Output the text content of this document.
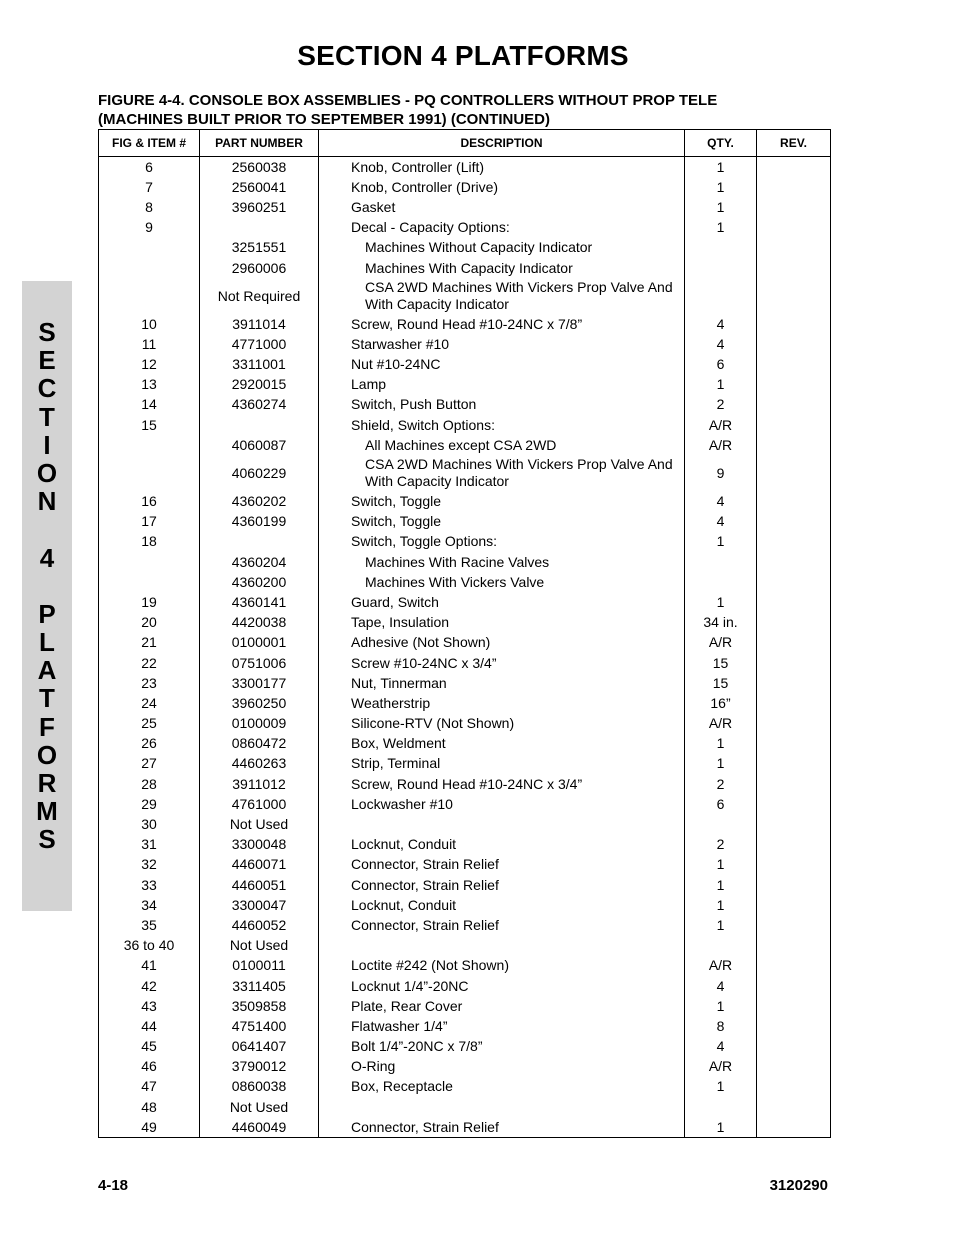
SECTION 4 PLATFORMS
FIGURE 4-4. CONSOLE BOX ASSEMBLIES - PQ CONTROLLERS WITHOUT PROP TELE
(MACHINES BUILT PRIOR TO SEPTEMBER 1991) (CONTINUED)
S
E
C
T
I
O
N
4
P
L
A
T
F
O
R
M
S
FIG & ITEM #	PART NUMBER	DESCRIPTION	QTY.	REV.
6	2560038	Knob, Controller (Lift)	1	
7	2560041	Knob, Controller (Drive)	1	
8	3960251	Gasket	1	
9		Decal - Capacity Options:	1	
	3251551	Machines Without Capacity Indicator		
	2960006	Machines With Capacity Indicator		
	Not Required	CSA 2WD Machines With Vickers Prop Valve And With Capacity Indicator		
10	3911014	Screw, Round Head #10-24NC x 7/8”	4	
11	4771000	Starwasher #10	4	
12	3311001	Nut #10-24NC	6	
13	2920015	Lamp	1	
14	4360274	Switch, Push Button	2	
15		Shield, Switch Options:	A/R	
	4060087	All Machines except CSA 2WD	A/R	
	4060229	CSA 2WD Machines With Vickers Prop Valve And With Capacity Indicator	9	
16	4360202	Switch, Toggle	4	
17	4360199	Switch, Toggle	4	
18		Switch, Toggle Options:	1	
	4360204	Machines With Racine Valves		
	4360200	Machines With Vickers Valve		
19	4360141	Guard, Switch	1	
20	4420038	Tape, Insulation	34 in.	
21	0100001	Adhesive (Not Shown)	A/R	
22	0751006	Screw #10-24NC x 3/4”	15	
23	3300177	Nut, Tinnerman	15	
24	3960250	Weatherstrip	16”	
25	0100009	Silicone-RTV (Not Shown)	A/R	
26	0860472	Box, Weldment	1	
27	4460263	Strip, Terminal	1	
28	3911012	Screw, Round Head #10-24NC x 3/4”	2	
29	4761000	Lockwasher #10	6	
30	Not Used			
31	3300048	Locknut, Conduit	2	
32	4460071	Connector, Strain Relief	1	
33	4460051	Connector, Strain Relief	1	
34	3300047	Locknut, Conduit	1	
35	4460052	Connector, Strain Relief	1	
36 to 40	Not Used			
41	0100011	Loctite #242 (Not Shown)	A/R	
42	3311405	Locknut 1/4”-20NC	4	
43	3509858	Plate, Rear Cover	1	
44	4751400	Flatwasher 1/4”	8	
45	0641407	Bolt 1/4”-20NC x 7/8”	4	
46	3790012	O-Ring	A/R	
47	0860038	Box, Receptacle	1	
48	Not Used			
49	4460049	Connector, Strain Relief	1	
4-18	3120290
